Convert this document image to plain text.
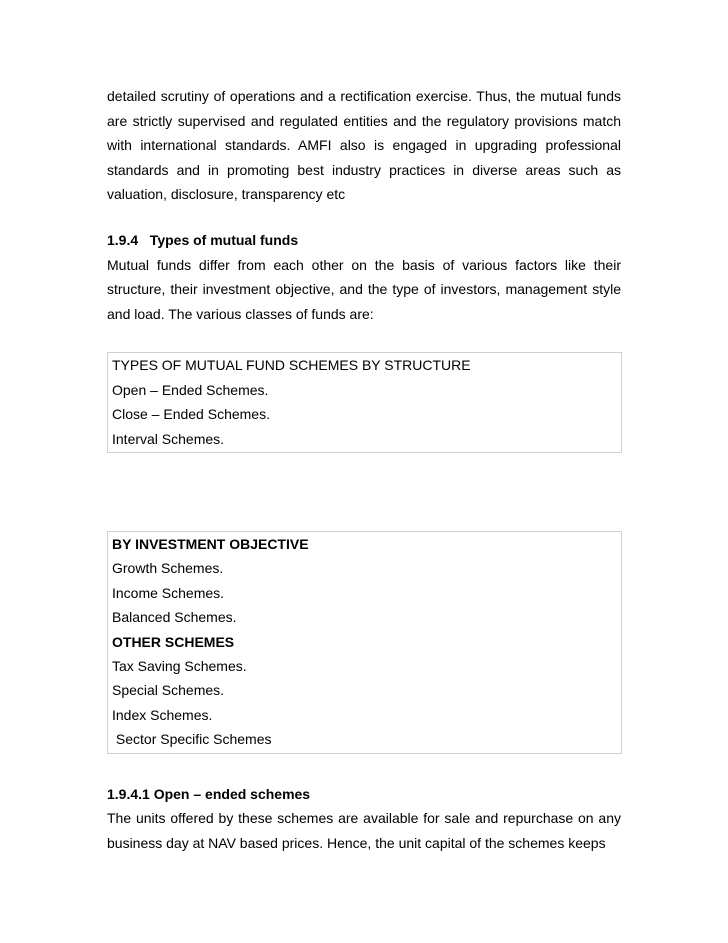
detailed scrutiny of operations and a rectification exercise. Thus, the mutual funds are strictly supervised and regulated entities and the regulatory provisions match with international standards. AMFI also is engaged in upgrading professional standards and in promoting best industry practices in diverse areas such as valuation, disclosure, transparency etc

1.9.4   Types of mutual funds

Mutual funds differ from each other on the basis of various factors like their structure, their investment objective, and the type of investors, management style and load. The various classes of funds are:

TYPES OF MUTUAL FUND SCHEMES BY STRUCTURE
Open – Ended Schemes.
Close – Ended Schemes.
Interval Schemes.
BY INVESTMENT OBJECTIVE
Growth Schemes.
Income Schemes.
Balanced Schemes.
OTHER SCHEMES
Tax Saving Schemes.
Special Schemes.
Index Schemes.
Sector Specific Schemes

1.9.4.1 Open – ended schemes

The units offered by these schemes are available for sale and repurchase on any business day at NAV based prices. Hence, the unit capital of the schemes keeps
